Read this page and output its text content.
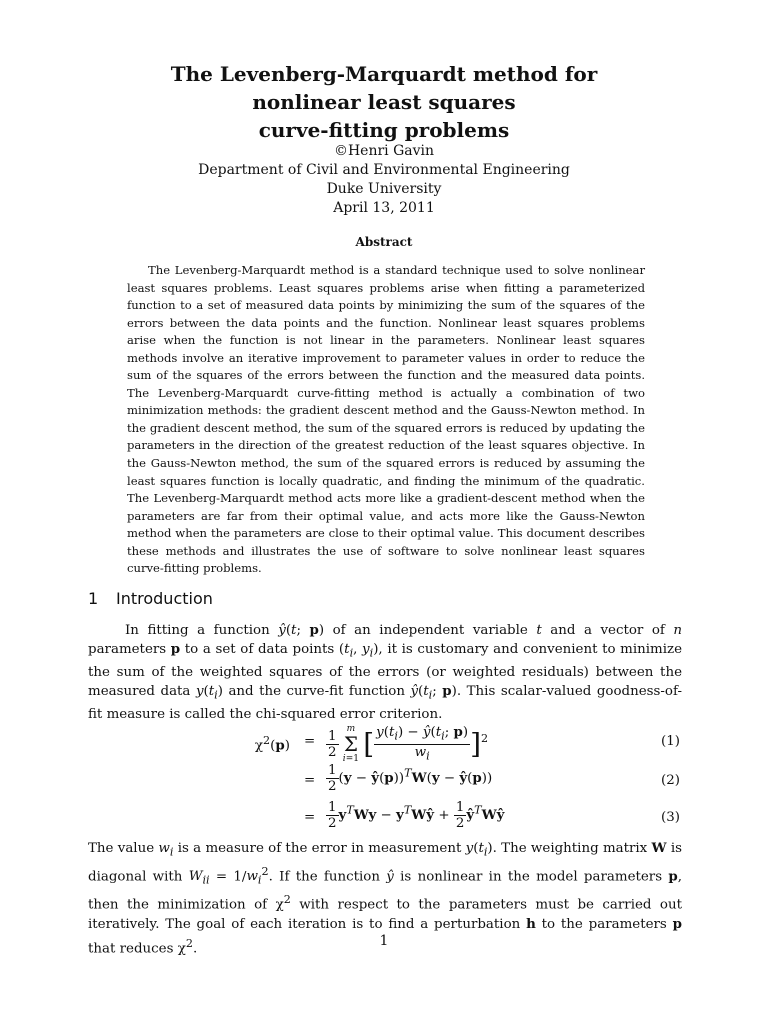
The Levenberg-Marquardt method for
nonlinear least squares
curve-fitting problems
©Henri Gavin
Department of Civil and Environmental Engineering
Duke University
April 13, 2011
Abstract
The Levenberg-Marquardt method is a standard technique used to solve nonlinear least squares problems. Least squares problems arise when fitting a parameterized function to a set of measured data points by minimizing the sum of the squares of the errors between the data points and the function. Nonlinear least squares problems arise when the function is not linear in the parameters. Nonlinear least squares methods involve an iterative improvement to parameter values in order to reduce the sum of the squares of the errors between the function and the measured data points. The Levenberg-Marquardt curve-fitting method is actually a combination of two minimization methods: the gradient descent method and the Gauss-Newton method. In the gradient descent method, the sum of the squared errors is reduced by updating the parameters in the direction of the greatest reduction of the least squares objective. In the Gauss-Newton method, the sum of the squared errors is reduced by assuming the least squares function is locally quadratic, and finding the minimum of the quadratic. The Levenberg-Marquardt method acts more like a gradient-descent method when the parameters are far from their optimal value, and acts more like the Gauss-Newton method when the parameters are close to their optimal value. This document describes these methods and illustrates the use of software to solve nonlinear least squares curve-fitting problems.
1 Introduction
In fitting a function ŷ(t; p) of an independent variable t and a vector of n parameters p to a set of data points ($t_i$, $y_i$), it is customary and convenient to minimize the sum of the weighted squares of the errors (or weighted residuals) between the measured data $y(t_i)$ and the curve-fit function $ŷ(t_i$; p). This scalar-valued goodness-of-fit measure is called the chi-squared error criterion.
$\chi^2(p) = \frac{1}{2}$ m
Σ
i=1 [ $\frac{y(t_i) - ŷ(t_i; p)}{w_i} ]^2$	(1)
= $\frac{1}{2} (y$ − ŷ(p))$^T$W(y − ŷ(p))	(2)
= $\frac{1}{2} y^TWy$ − $y^TWŷ + \frac{1}{2}$ $ŷ^TWŷ$	(3)
The value $w_i$ is a measure of the error in measurement $y(t_i)$. The weighting matrix W is diagonal with $W_{ii} = 1/w_i^2$. If the function ŷ is nonlinear in the model parameters p, then the minimization of $\chi^2$ with respect to the parameters must be carried out iteratively. The goal of each iteration is to find a perturbation h to the parameters p that reduces $\chi^2$.
1
